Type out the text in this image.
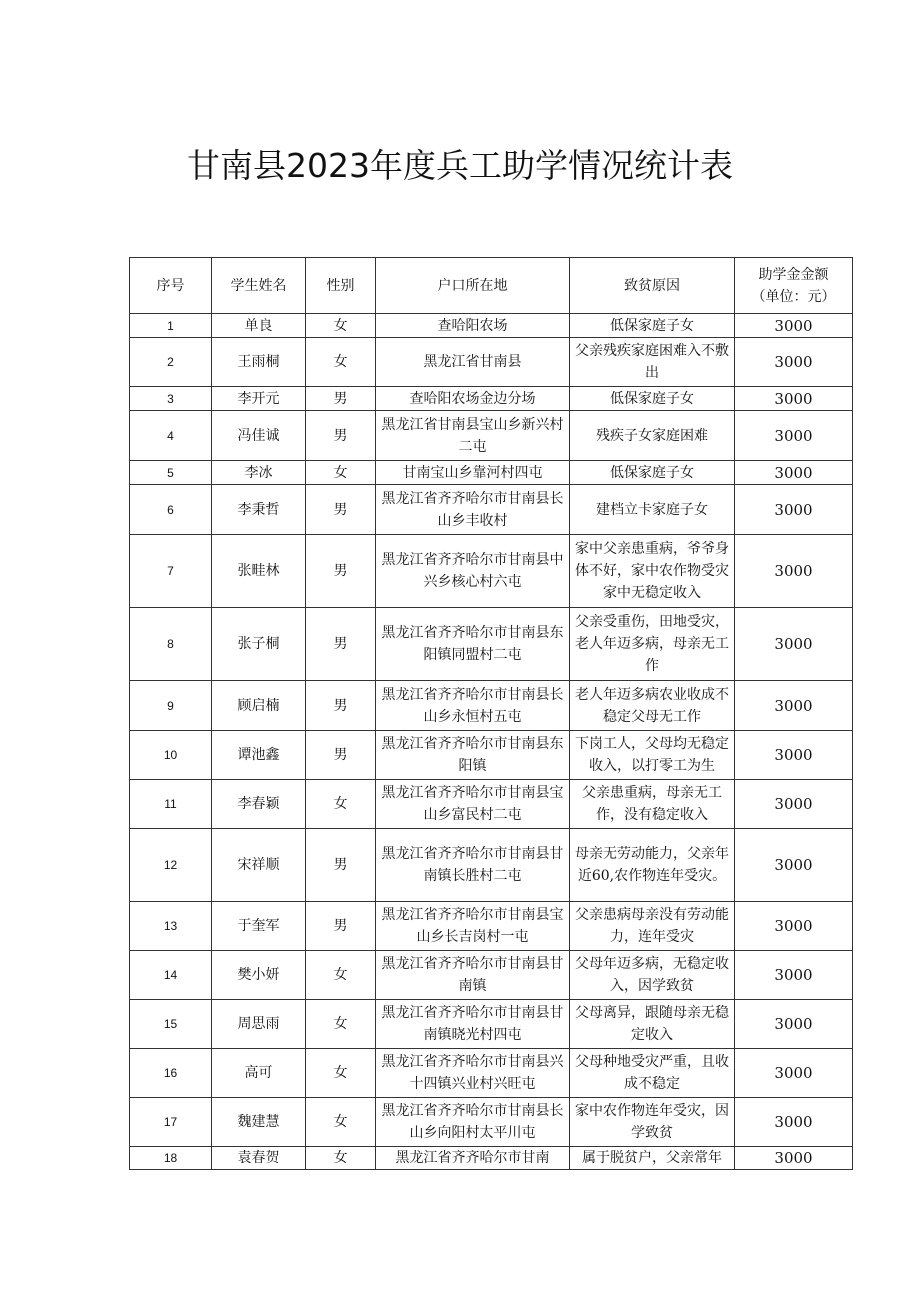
甘南县2023年度兵工助学情况统计表
序号	学生姓名	性别	户口所在地	致贫原因	助学金金额
（单位：元）

1	单良	女	查哈阳农场	低保家庭子女	3000
2	王雨桐	女	黑龙江省甘南县	父亲残疾家庭困难入不敷出	3000
3	李开元	男	查哈阳农场金边分场	低保家庭子女	3000
4	冯佳诚	男	黑龙江省甘南县宝山乡新兴村二屯	残疾子女家庭困难	3000
5	李冰	女	甘南宝山乡靠河村四屯	低保家庭子女	3000
6	李秉哲	男	黑龙江省齐齐哈尔市甘南县长山乡丰收村	建档立卡家庭子女	3000
7	张畦林	男	黑龙江省齐齐哈尔市甘南县中兴乡核心村六屯	家中父亲患重病，爷爷身体不好，家中农作物受灾家中无稳定收入	3000
8	张子桐	男	黑龙江省齐齐哈尔市甘南县东阳镇同盟村二屯	父亲受重伤，田地受灾，老人年迈多病，母亲无工作	3000
9	顾启楠	男	黑龙江省齐齐哈尔市甘南县长山乡永恒村五屯	老人年迈多病农业收成不稳定父母无工作	3000
10	谭池鑫	男	黑龙江省齐齐哈尔市甘南县东阳镇	下岗工人，父母均无稳定收入，以打零工为生	3000
11	李春颖	女	黑龙江省齐齐哈尔市甘南县宝山乡富民村二屯	父亲患重病，母亲无工作，没有稳定收入	3000
12	宋祥顺	男	黑龙江省齐齐哈尔市甘南县甘南镇长胜村二屯	母亲无劳动能力，父亲年近60,农作物连年受灾。	3000
13	于奎军	男	黑龙江省齐齐哈尔市甘南县宝山乡长吉岗村一屯	父亲患病母亲没有劳动能力，连年受灾	3000
14	樊小妍	女	黑龙江省齐齐哈尔市甘南县甘南镇	父母年迈多病，无稳定收入，因学致贫	3000
15	周思雨	女	黑龙江省齐齐哈尔市甘南县甘南镇晓光村四屯	父母离异，跟随母亲无稳定收入	3000
16	高可	女	黑龙江省齐齐哈尔市甘南县兴十四镇兴业村兴旺屯	父母种地受灾严重，且收成不稳定	3000
17	魏建慧	女	黑龙江省齐齐哈尔市甘南县长山乡向阳村太平川屯	家中农作物连年受灾，因学致贫	3000
18	袁春贺	女	黑龙江省齐齐哈尔市甘南	属于脱贫户，父亲常年	3000
